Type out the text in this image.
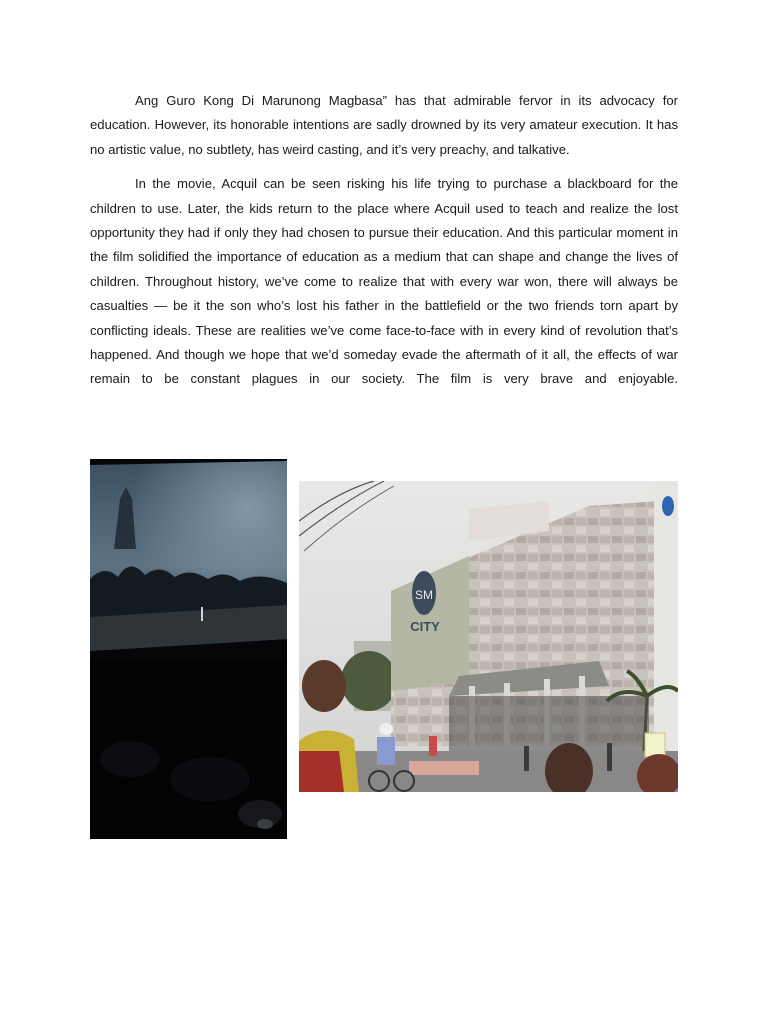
Ang Guro Kong Di Marunong Magbasa” has that admirable fervor in its advocacy for education. However, its honorable intentions are sadly drowned by its very amateur execution. It has no artistic value, no subtlety, has weird casting, and it’s very preachy, and talkative.

In the movie, Acquil can be seen risking his life trying to purchase a blackboard for the children to use. Later, the kids return to the place where Acquil used to teach and realize the lost opportunity they had if only they had chosen to pursue their education. And this particular moment in the film solidified the importance of education as a medium that can shape and change the lives of children. Throughout history, we’ve come to realize that with every war won, there will always be casualties — be it the son who’s lost his father in the battlefield or the two friends torn apart by conflicting ideals. These are realities we’ve come face-to-face with in every kind of revolution that’s happened. And though we hope that we’d someday evade the aftermath of it all, the effects of war remain to be constant plagues in our society. The film is very brave and enjoyable.

SM
CITY
